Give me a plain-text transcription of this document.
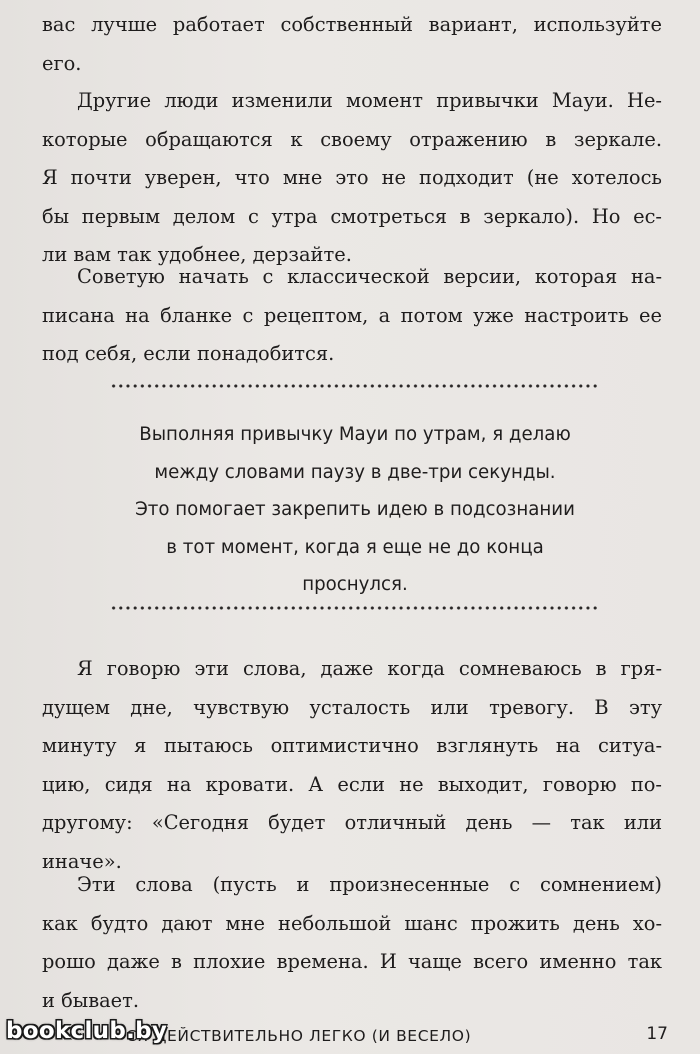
вас лучше работает собственный вариант, используйте
его.
Другие люди изменили момент привычки Мауи. Не-
которые обращаются к своему отражению в зеркале.
Я почти уверен, что мне это не подходит (не хотелось
бы первым делом с утра смотреться в зеркало). Но ес-
ли вам так удобнее, дерзайте.
Советую начать с классической версии, которая на-
писана на бланке с рецептом, а потом уже настроить ее
под себя, если понадобится.
Выполняя привычку Мауи по утрам, я делаю
между словами паузу в две-три секунды.
Это помогает закрепить идею в подсознании
в тот момент, когда я еще не до конца
проснулся.
Я говорю эти слова, даже когда сомневаюсь в гря-
дущем дне, чувствую усталость или тревогу. В эту
минуту я пытаюсь оптимистично взглянуть на ситуа-
цию, сидя на кровати. А если не выходит, говорю по-
другому: «Сегодня будет отличный день — так или
иначе».
Эти слова (пусть и произнесенные с сомнением)
как будто дают мне небольшой шанс прожить день хо-
рошо даже в плохие времена. И чаще всего именно так
и бывает.
СЯ ДЕЙСТВИТЕЛЬНО ЛЕГКО (И ВЕСЕЛО)	17
bookclub.by
